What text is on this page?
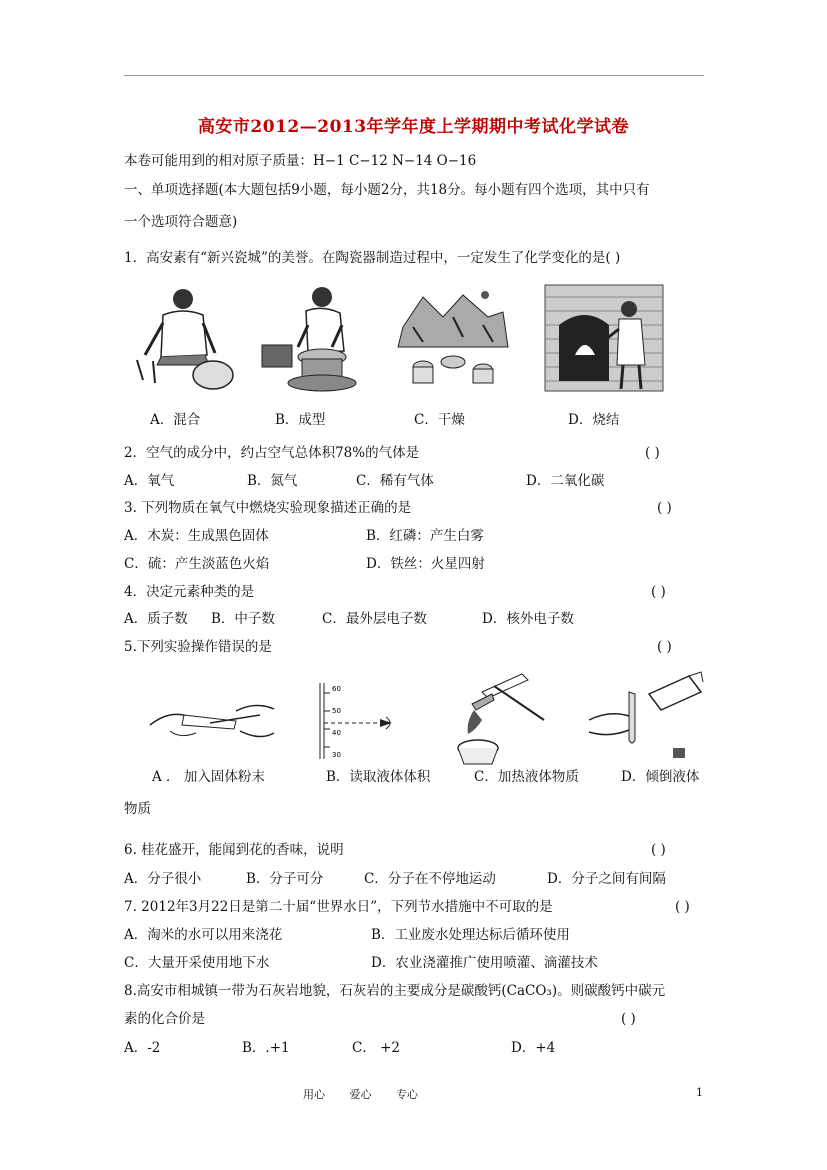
高安市2012—2013年学年度上学期期中考试化学试卷
本卷可能用到的相对原子质量：H−1 C−12 N−14 O−16
一、单项选择题(本大题包括9小题，每小题2分，共18分。每小题有四个选项，其中只有
一个选项符合题意)
1．高安素有“新兴瓷城”的美誉。在陶瓷器制造过程中，一定发生了化学变化的是( )
A．混合	B．成型	C．干燥	D．烧结
2．空气的成分中，约占空气总体积78%的气体是	( )
A．氧气	B．氮气	C．稀有气体	D．二氧化碳
3. 下列物质在氧气中燃烧实验现象描述正确的是	( )
A．木炭：生成黑色固体	B．红磷：产生白雾
C．硫：产生淡蓝色火焰	D．铁丝：火星四射
4．决定元素种类的是	( )
A．质子数 B．中子数	C．最外层电子数	D．核外电子数
5.下列实验操作错误的是	( )
60
50
40
30
A ． 加入固体粉末	B．读取液体体积	C．加热液体物质	D．倾倒液体
物质
6. 桂花盛开，能闻到花的香味，说明	( )
A．分子很小	B．分子可分	C．分子在不停地运动	D．分子之间有间隔
7. 2012年3月22日是第二十届“世界水日”，下列节水措施中不可取的是	( )
A．淘米的水可以用来浇花	B．工业废水处理达标后循环使用
C．大量开采使用地下水	D．农业浇灌推广使用喷灌、滴灌技术
8.高安市相城镇一带为石灰岩地貌，石灰岩的主要成分是碳酸钙(CaCO₃)。则碳酸钙中碳元
素的化合价是	( )
A．-2	B．.+1	C． +2	D．+4
用心       爱心       专心	1
